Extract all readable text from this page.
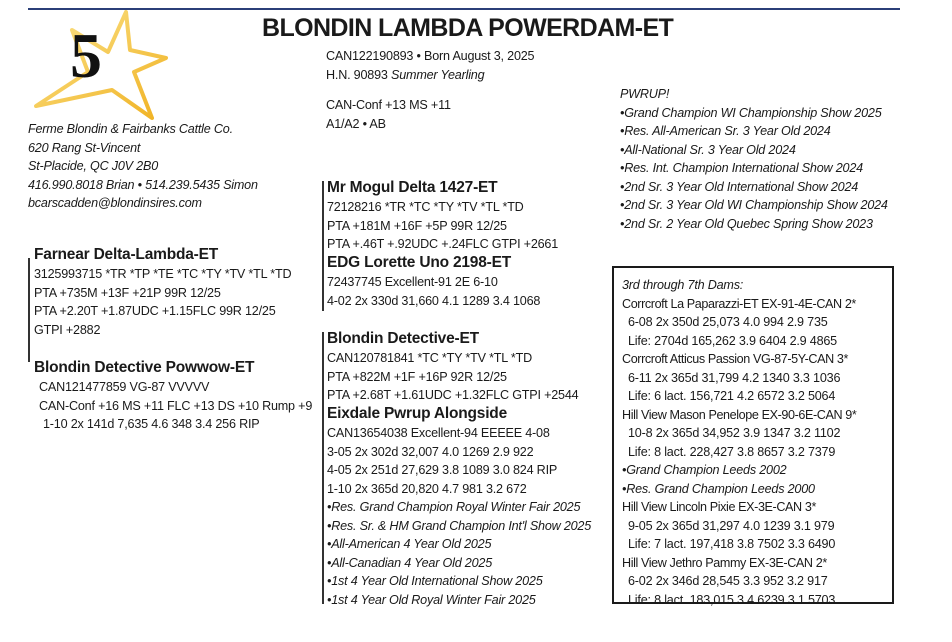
5	BLONDIN LAMBDA POWERDAM-ET
CAN122190893 • Born August 3, 2025
H.N. 90893 Summer Yearling
CAN-Conf +13 MS +11
A1/A2 • AB
Ferme Blondin & Fairbanks Cattle Co.
620 Rang St-Vincent
St-Placide, QC J0V 2B0
416.990.8018 Brian • 514.239.5435 Simon
bcarscadden@blondinsires.com
PWRUP!
•Grand Champion WI Championship Show 2025
•Res. All-American Sr. 3 Year Old 2024
•All-National Sr. 3 Year Old 2024
•Res. Int. Champion International Show 2024
•2nd Sr. 3 Year Old International Show 2024
•2nd Sr. 3 Year Old WI Championship Show 2024
•2nd Sr. 2 Year Old Quebec Spring Show 2023
Farnear Delta-Lambda-ET
3125993715 *TR *TP *TE *TC *TY *TV *TL *TD
PTA +735M +13F +21P 99R 12/25
PTA +2.20T +1.87UDC +1.15FLC 99R 12/25
GTPI +2882
Blondin Detective Powwow-ET
CAN121477859 VG-87 VVVVV
CAN-Conf +16 MS +11 FLC +13 DS +10 Rump +9
1-10 2x 141d 7,635 4.6 348 3.4 256 RIP
Mr Mogul Delta 1427-ET
72128216 *TR *TC *TY *TV *TL *TD
PTA +181M +16F +5P 99R 12/25
PTA +.46T +.92UDC +.24FLC GTPI +2661
EDG Lorette Uno 2198-ET
72437745 Excellent-91 2E 6-10
4-02 2x 330d 31,660 4.1 1289 3.4 1068
Blondin Detective-ET
CAN120781841 *TC *TY *TV *TL *TD
PTA +822M +1F +16P 92R 12/25
PTA +2.68T +1.61UDC +1.32FLC GTPI +2544
Eixdale Pwrup Alongside
CAN13654038 Excellent-94 EEEEE 4-08
3-05 2x 302d 32,007 4.0 1269 2.9 922
4-05 2x 251d 27,629 3.8 1089 3.0 824 RIP
1-10 2x 365d 20,820 4.7 981 3.2 672
•Res. Grand Champion Royal Winter Fair 2025
•Res. Sr. & HM Grand Champion Int'l Show 2025
•All-American 4 Year Old 2025
•All-Canadian 4 Year Old 2025
•1st 4 Year Old International Show 2025
•1st 4 Year Old Royal Winter Fair 2025
3rd through 7th Dams:
Corrcroft La Paparazzi-ET EX-91-4E-CAN 2*
6-08 2x 350d 25,073 4.0 994 2.9 735
Life: 2704d 165,262 3.9 6404 2.9 4865
Corrcroft Atticus Passion VG-87-5Y-CAN 3*
6-11 2x 365d 31,799 4.2 1340 3.3 1036
Life: 6 lact. 156,721 4.2 6572 3.2 5064
Hill View Mason Penelope EX-90-6E-CAN 9*
10-8 2x 365d 34,952 3.9 1347 3.2 1102
Life: 8 lact. 228,427 3.8 8657 3.2 7379
•Grand Champion Leeds 2002
•Res. Grand Champion Leeds 2000
Hill View Lincoln Pixie EX-3E-CAN 3*
9-05 2x 365d 31,297 4.0 1239 3.1 979
Life: 7 lact. 197,418 3.8 7502 3.3 6490
Hill View Jethro Pammy EX-3E-CAN 2*
6-02 2x 346d 28,545 3.3 952 3.2 917
Life: 8 lact. 183,015 3.4 6239 3.1 5703
